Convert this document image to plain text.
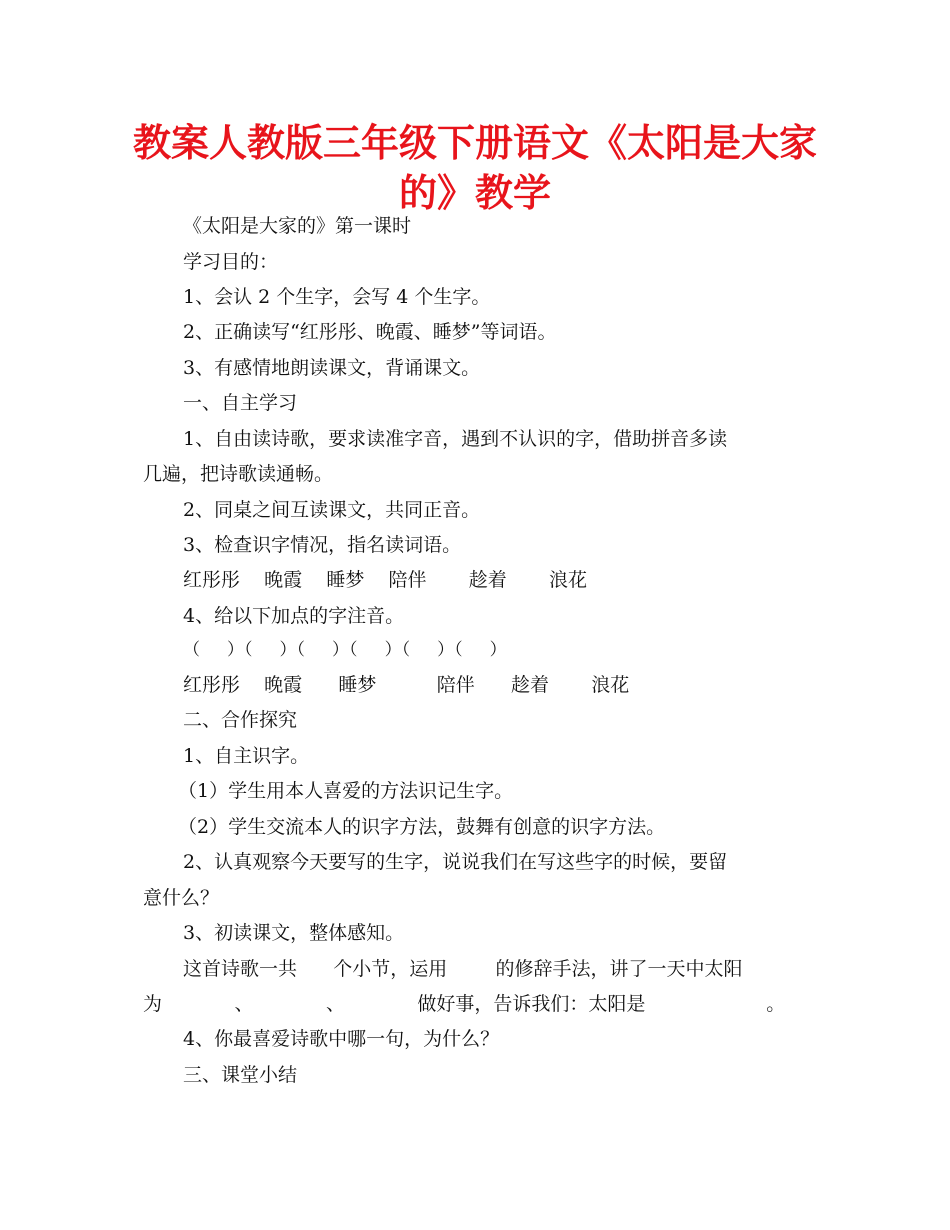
教案人教版三年级下册语文《太阳是大家
的》教学
《太阳是大家的》第一课时
学习目的：
1、会认 2 个生字，会写 4 个生字。
2、正确读写“红彤彤、晚霞、睡梦”等词语。
3、有感情地朗读课文，背诵课文。
一、自主学习
1、自由读诗歌，要求读准字音，遇到不认识的字，借助拼音多读
几遍，把诗歌读通畅。
2、同桌之间互读课文，共同正音。
3、检查识字情况，指名读词语。
红彤彤    晚霞    睡梦    陪伴       趁着       浪花
4、给以下加点的字注音。
（     ）（     ）（     ）（     ）（     ）（     ）
红彤彤    晚霞      睡梦          陪伴      趁着       浪花
二、合作探究
1、自主识字。
（1）学生用本人喜爱的方法识记生字。
（2）学生交流本人的识字方法，鼓舞有创意的识字方法。
2、认真观察今天要写的生字，说说我们在写这些字的时候，要留
意什么？
3、初读课文，整体感知。
这首诗歌一共      个小节，运用        的修辞手法，讲了一天中太阳
为            、            、            做好事，告诉我们：太阳是                    。
4、你最喜爱诗歌中哪一句，为什么？
三、课堂小结
